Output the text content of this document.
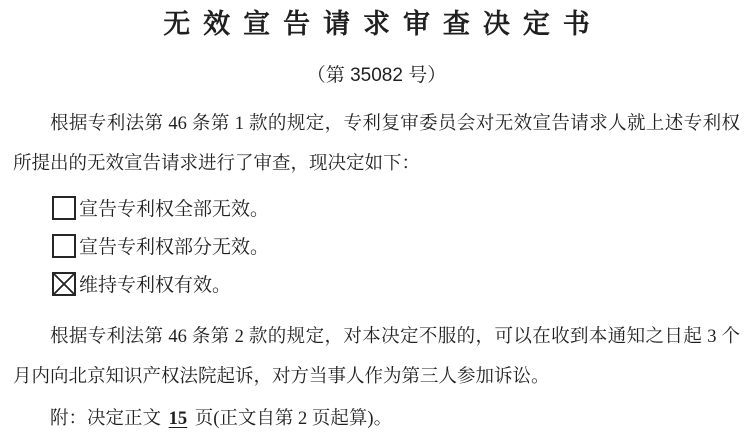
无效宣告请求审查决定书
（第 35082 号）

根据专利法第 46 条第 1 款的规定，专利复审委员会对无效宣告请求人就上述专利权所提出的无效宣告请求进行了审查，现决定如下：

宣告专利权全部无效。
宣告专利权部分无效。
维持专利权有效。

根据专利法第 46 条第 2 款的规定，对本决定不服的，可以在收到本通知之日起 3 个月内向北京知识产权法院起诉，对方当事人作为第三人参加诉讼。

附：决定正文 15 页(正文自第 2 页起算)。
